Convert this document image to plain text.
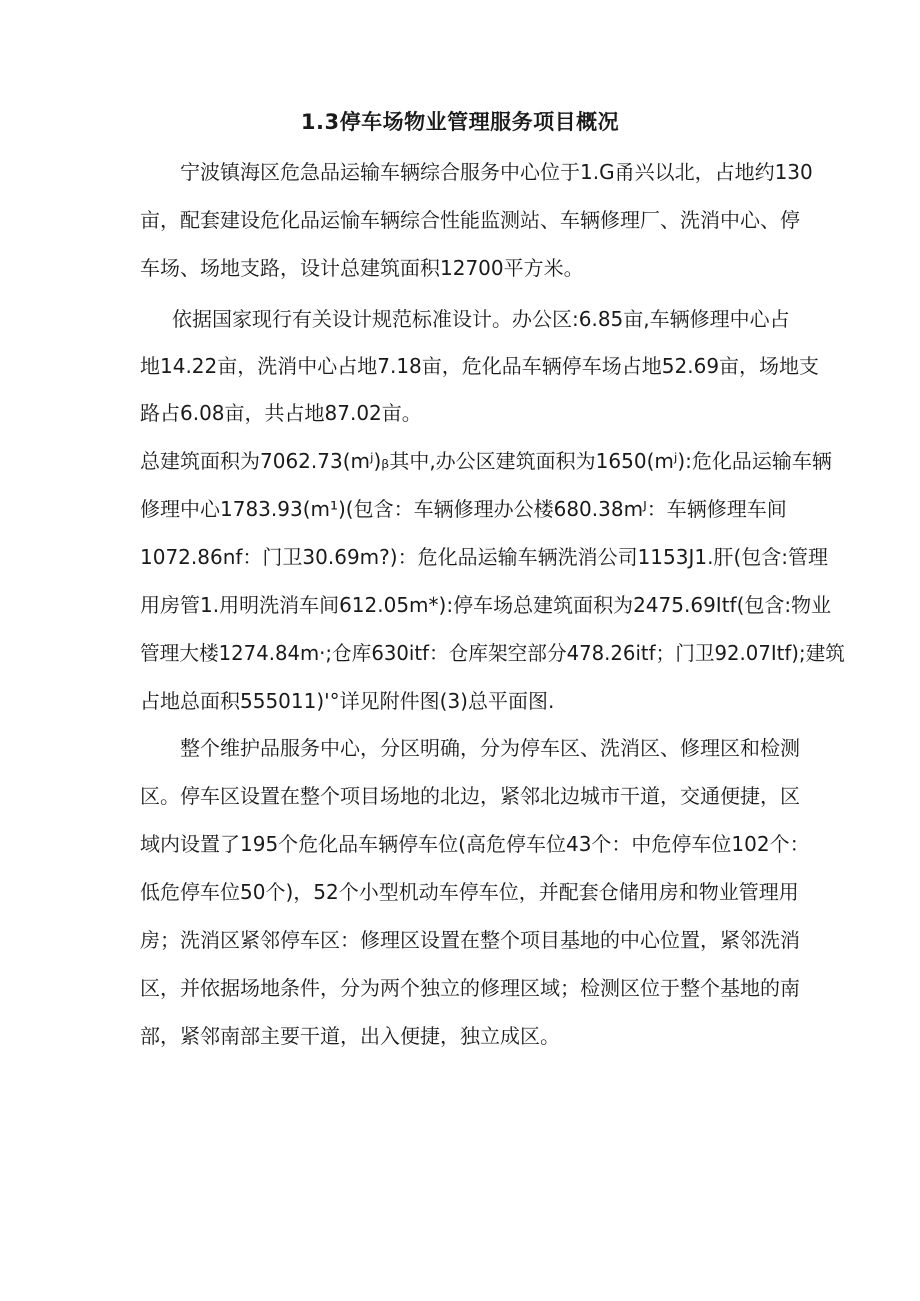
1.3停车场物业管理服务项目概况
宁波镇海区危急品运输车辆综合服务中心位于1.G甬兴以北，占地约130
亩，配套建设危化品运愉车辆综合性能监测站、车辆修理厂、洗消中心、停
车场、场地支路，设计总建筑面积12700平方米。
依据国家现行有关设计规范标准设计。办公区:6.85亩,车辆修理中心占
地14.22亩，洗消中心占地7.18亩，危化品车辆停车场占地52.69亩，场地支
路占6.08亩，共占地87.02亩。
总建筑面积为7062.73(mʲ)ᵦ其中,办公区建筑面积为1650(mʲ):危化品运输车辆
修理中心1783.93(m¹)(包含：车辆修理办公楼680.38mᴶ：车辆修理车间
1072.86nf：门卫30.69m?)：危化品运输车辆洗消公司1153J1.肝(包含:管理
用房管1.用明洗消车间612.05m*):停车场总建筑面积为2475.69Itf(包含:物业
管理大楼1274.84m‧;仓库630itf：仓库架空部分478.26itf；门卫92.07Itf);建筑
占地总面积555011)'°详见附件图(3)总平面图.
整个维护品服务中心，分区明确，分为停车区、洗消区、修理区和检测
区。停车区设置在整个项目场地的北边，紧邻北边城市干道，交通便捷，区
域内设置了195个危化品车辆停车位(高危停车位43个：中危停车位102个：
低危停车位50个)，52个小型机动车停车位，并配套仓储用房和物业管理用
房；洗消区紧邻停车区：修理区设置在整个项目基地的中心位置，紧邻洗消
区，并依据场地条件，分为两个独立的修理区域；检测区位于整个基地的南
部，紧邻南部主要干道，出入便捷，独立成区。
